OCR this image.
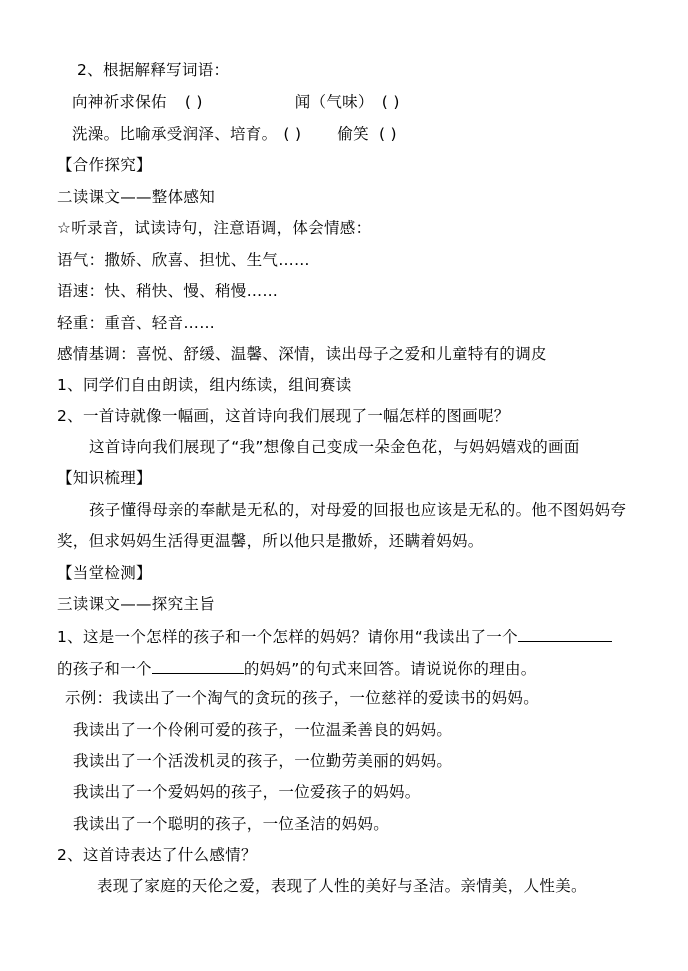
2、根据解释写词语：
向神祈求保佑 ( )	闻（气味） ( )
洗澡。比喻承受润泽、培育。 ( ) 偷笑 ( )
【合作探究】
二读课文——整体感知
☆听录音，试读诗句，注意语调，体会情感：
语气：撒娇、欣喜、担忧、生气……
语速：快、稍快、慢、稍慢……
轻重：重音、轻音……
感情基调：喜悦、舒缓、温馨、深情，读出母子之爱和儿童特有的调皮
1、同学们自由朗读，组内练读，组间赛读
2、一首诗就像一幅画，这首诗向我们展现了一幅怎样的图画呢？
这首诗向我们展现了“我”想像自己变成一朵金色花，与妈妈嬉戏的画面
【知识梳理】
孩子懂得母亲的奉献是无私的，对母爱的回报也应该是无私的。他不图妈妈夸
奖，但求妈妈生活得更温馨，所以他只是撒娇，还瞒着妈妈。
【当堂检测】
三读课文——探究主旨
1、这是一个怎样的孩子和一个怎样的妈妈？请你用“我读出了一个
的孩子和一个	的妈妈”的句式来回答。请说说你的理由。
示例：我读出了一个淘气的贪玩的孩子，一位慈祥的爱读书的妈妈。
我读出了一个伶俐可爱的孩子，一位温柔善良的妈妈。
我读出了一个活泼机灵的孩子，一位勤劳美丽的妈妈。
我读出了一个爱妈妈的孩子，一位爱孩子的妈妈。
我读出了一个聪明的孩子，一位圣洁的妈妈。
2、这首诗表达了什么感情？
表现了家庭的天伦之爱，表现了人性的美好与圣洁。亲情美，人性美。
